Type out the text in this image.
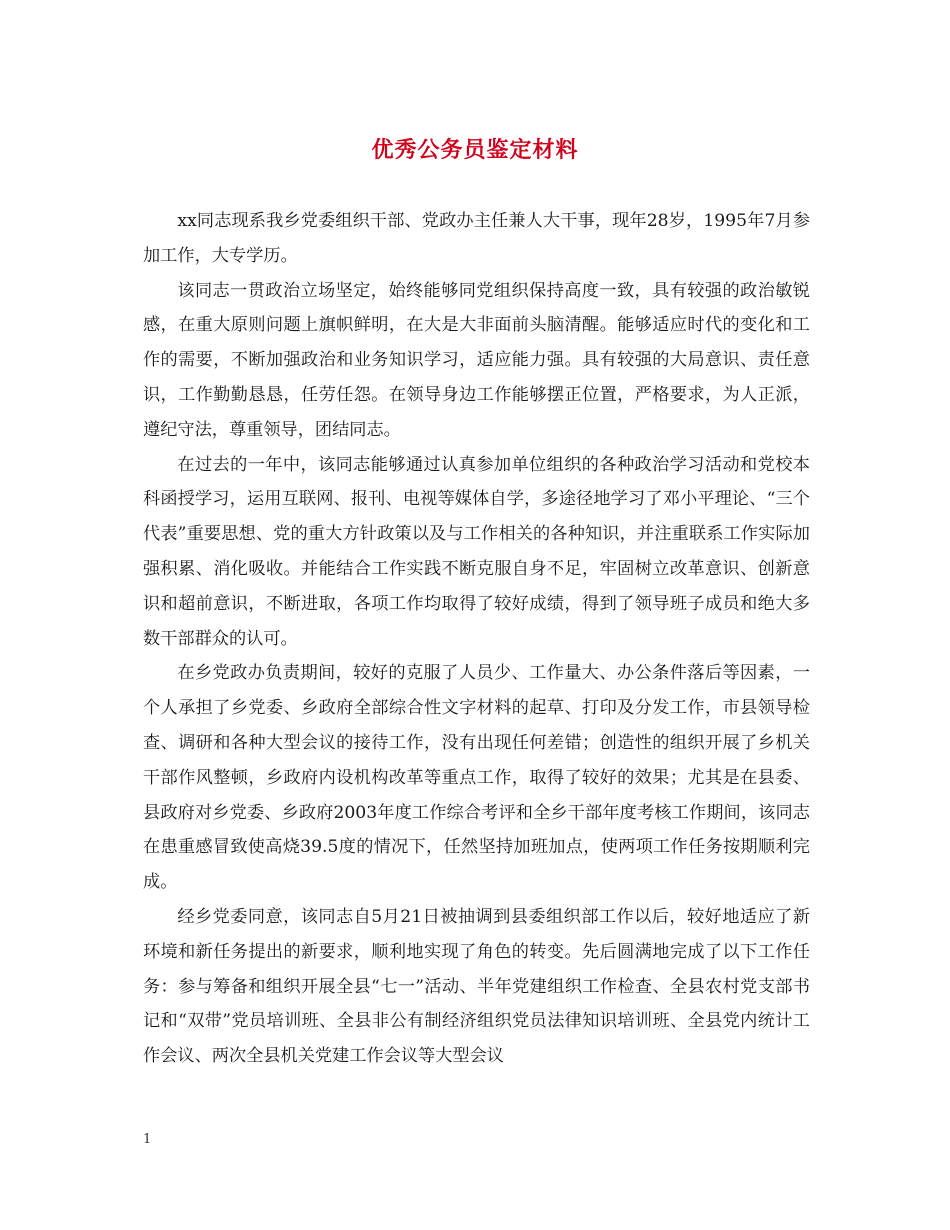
优秀公务员鉴定材料

xx同志现系我乡党委组织干部、党政办主任兼人大干事，现年28岁，1995年7月参加工作，大专学历。

该同志一贯政治立场坚定，始终能够同党组织保持高度一致，具有较强的政治敏锐感，在重大原则问题上旗帜鲜明，在大是大非面前头脑清醒。能够适应时代的变化和工作的需要，不断加强政治和业务知识学习，适应能力强。具有较强的大局意识、责任意识，工作勤勤恳恳，任劳任怨。在领导身边工作能够摆正位置，严格要求，为人正派，遵纪守法，尊重领导，团结同志。

在过去的一年中，该同志能够通过认真参加单位组织的各种政治学习活动和党校本科函授学习，运用互联网、报刊、电视等媒体自学，多途径地学习了邓小平理论、“三个代表”重要思想、党的重大方针政策以及与工作相关的各种知识，并注重联系工作实际加强积累、消化吸收。并能结合工作实践不断克服自身不足，牢固树立改革意识、创新意识和超前意识，不断进取，各项工作均取得了较好成绩，得到了领导班子成员和绝大多数干部群众的认可。

在乡党政办负责期间，较好的克服了人员少、工作量大、办公条件落后等因素，一个人承担了乡党委、乡政府全部综合性文字材料的起草、打印及分发工作，市县领导检查、调研和各种大型会议的接待工作，没有出现任何差错；创造性的组织开展了乡机关干部作风整顿，乡政府内设机构改革等重点工作，取得了较好的效果；尤其是在县委、县政府对乡党委、乡政府2003年度工作综合考评和全乡干部年度考核工作期间，该同志在患重感冒致使高烧39.5度的情况下，任然坚持加班加点，使两项工作任务按期顺利完成。

经乡党委同意，该同志自5月21日被抽调到县委组织部工作以后，较好地适应了新环境和新任务提出的新要求，顺利地实现了角色的转变。先后圆满地完成了以下工作任务：参与筹备和组织开展全县“七一”活动、半年党建组织工作检查、全县农村党支部书记和“双带”党员培训班、全县非公有制经济组织党员法律知识培训班、全县党内统计工作会议、两次全县机关党建工作会议等大型会议

1
